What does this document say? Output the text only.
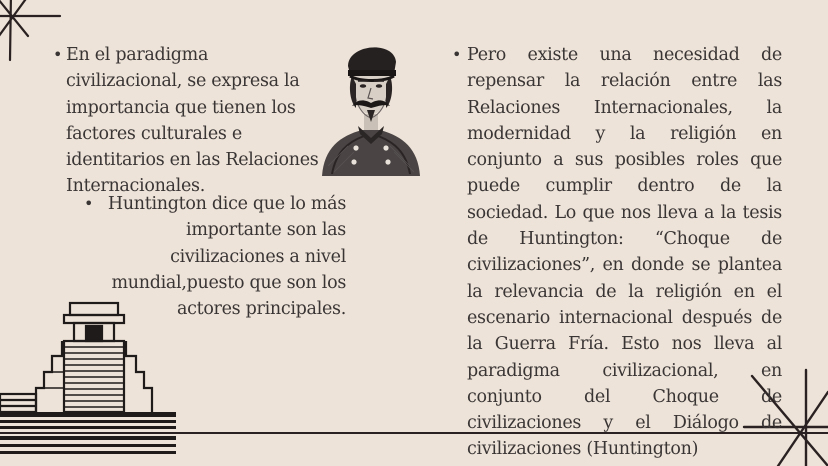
• En el paradigma civilizacional, se expresa la importancia que tienen los factores culturales e identitarios en las Relaciones Internacionales.

• Huntington dice que lo más importante son las civilizaciones a nivel mundial,puesto que son los actores principales.

• Pero existe una necesidad de repensar la relación entre las Relaciones Internacionales, la modernidad y la religión en conjunto a sus posibles roles que puede cumplir dentro de la sociedad. Lo que nos lleva a la tesis de Huntington: “Choque de civilizaciones”, en donde se plantea la relevancia de la religión en el escenario internacional después de la Guerra Fría. Esto nos lleva al paradigma civilizacional, en conjunto del Choque de civilizaciones y el Diálogo de civilizaciones (Huntington)
